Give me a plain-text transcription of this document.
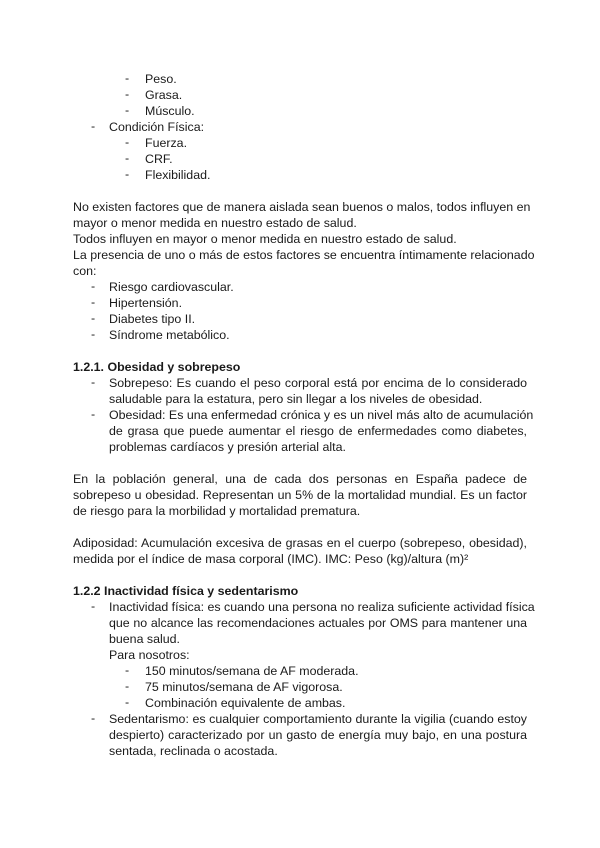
- Peso.
- Grasa.
- Músculo.
- Condición Física:
- Fuerza.
- CRF.
- Flexibilidad.
No existen factores que de manera aislada sean buenos o malos, todos influyen en
mayor o menor medida en nuestro estado de salud.
Todos influyen en mayor o menor medida en nuestro estado de salud.
La presencia de uno o más de estos factores se encuentra íntimamente relacionado
con:
- Riesgo cardiovascular.
- Hipertensión.
- Diabetes tipo II.
- Síndrome metabólico.
1.2.1. Obesidad y sobrepeso
- Sobrepeso: Es cuando el peso corporal está por encima de lo considerado
saludable para la estatura, pero sin llegar a los niveles de obesidad.
- Obesidad: Es una enfermedad crónica y es un nivel más alto de acumulación
de grasa que puede aumentar el riesgo de enfermedades como diabetes,
problemas cardíacos y presión arterial alta.
En la población general, una de cada dos personas en España padece de
sobrepeso u obesidad. Representan un 5% de la mortalidad mundial. Es un factor
de riesgo para la morbilidad y mortalidad prematura.
Adiposidad: Acumulación excesiva de grasas en el cuerpo (sobrepeso, obesidad),
medida por el índice de masa corporal (IMC). IMC: Peso (kg)/altura (m)²
1.2.2 Inactividad física y sedentarismo
- Inactividad física: es cuando una persona no realiza suficiente actividad física
que no alcance las recomendaciones actuales por OMS para mantener una
buena salud.
Para nosotros:
- 150 minutos/semana de AF moderada.
- 75 minutos/semana de AF vigorosa.
- Combinación equivalente de ambas.
- Sedentarismo: es cualquier comportamiento durante la vigilia (cuando estoy
despierto) caracterizado por un gasto de energía muy bajo, en una postura
sentada, reclinada o acostada.
